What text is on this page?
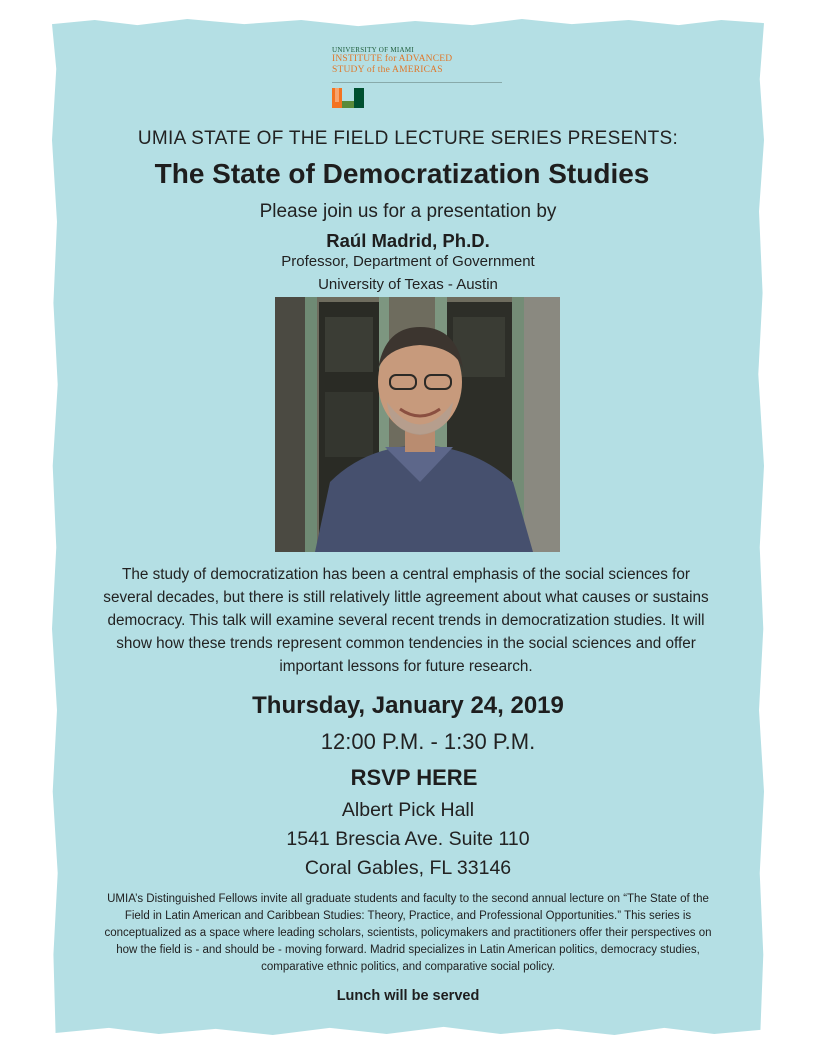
UNIVERSITY OF MIAMI
INSTITUTE for ADVANCED
STUDY of the AMERICAS
UMIA STATE OF THE FIELD LECTURE SERIES PRESENTS:
The State of Democratization Studies
Please join us for a presentation by
Raúl Madrid, Ph.D.
Professor, Department of Government
University of Texas - Austin
The study of democratization has been a central emphasis of the social sciences for several decades, but there is still relatively little agreement about what causes or sustains democracy. This talk will examine several recent trends in democratization studies. It will show how these trends represent common tendencies in the social sciences and offer important lessons for future research.
Thursday, January 24, 2019
12:00 P.M. - 1:30 P.M.
RSVP HERE
Albert Pick Hall
1541 Brescia Ave. Suite 110
Coral Gables, FL 33146
UMIA’s Distinguished Fellows invite all graduate students and faculty to the second annual lecture on “The State of the Field in Latin American and Caribbean Studies: Theory, Practice, and Professional Opportunities.” This series is conceptualized as a space where leading scholars, scientists, policymakers and practitioners offer their perspectives on how the field is - and should be - moving forward. Madrid specializes in Latin American politics, democracy studies, comparative ethnic politics, and comparative social policy.
Lunch will be served
